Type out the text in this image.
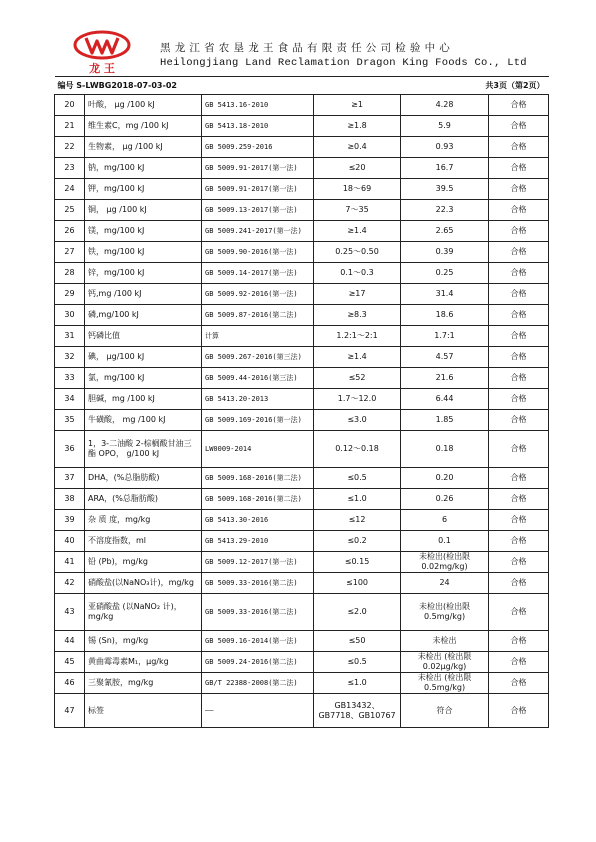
龙 王
黑龙江省农垦龙王食品有限责任公司检验中心
Heilongjiang Land Reclamation Dragon King Foods Co., Ltd
编号 S-LWBG2018-07-03-02			共3页（第2页）		
20	叶酸， μg /100 kJ	GB 5413.16-2010	≥1	4.28	合格
21	维生素C，mg /100 kJ	GB 5413.18-2010	≥1.8	5.9	合格
22	生物素， μg /100 kJ	GB 5009.259-2016	≥0.4	0.93	合格
23	钠，mg/100 kJ	GB 5009.91-2017(第一法)	≤20	16.7	合格
24	钾，mg/100 kJ	GB 5009.91-2017(第一法)	18～69	39.5	合格
25	铜， μg /100 kJ	GB 5009.13-2017(第一法)	7～35	22.3	合格
26	镁，mg/100 kJ	GB 5009.241-2017(第一法)	≥1.4	2.65	合格
27	铁，mg/100 kJ	GB 5009.90-2016(第一法)	0.25～0.50	0.39	合格
28	锌，mg/100 kJ	GB 5009.14-2017(第一法)	0.1～0.3	0.25	合格
29	钙,mg /100 kJ	GB 5009.92-2016(第一法)	≥17	31.4	合格
30	磷,mg/100 kJ	GB 5009.87-2016(第二法)	≥8.3	18.6	合格
31	钙磷比值	计算	1.2:1～2:1	1.7:1	合格
32	碘， μg/100 kJ	GB 5009.267-2016(第三法)	≥1.4	4.57	合格
33	氯，mg/100 kJ	GB 5009.44-2016(第三法)	≤52	21.6	合格
34	胆碱，mg /100 kJ	GB 5413.20-2013	1.7～12.0	6.44	合格
35	牛磺酸， mg /100 kJ	GB 5009.169-2016(第一法)	≤3.0	1.85	合格
36	1，3-二油酸 2-棕榈酸甘油三酯 OPO， g/100 kJ	LW0009-2014	0.12～0.18	0.18	合格
37	DHA，(%总脂肪酸)	GB 5009.168-2016(第二法)	≤0.5	0.20	合格
38	ARA，(%总脂肪酸)	GB 5009.168-2016(第二法)	≤1.0	0.26	合格
39	杂 质 度，mg/kg	GB 5413.30-2016	≤12	6	合格
40	不溶度指数，ml	GB 5413.29-2010	≤0.2	0.1	合格
41	铅 (Pb)，mg/kg	GB 5009.12-2017(第一法)	≤0.15	未检出(检出限 0.02mg/kg)	合格
42	硝酸盐(以NaNO₃计)，mg/kg	GB 5009.33-2016(第二法)	≤100	24	合格
43	亚硝酸盐 (以NaNO₂ 计)，mg/kg	GB 5009.33-2016(第二法)	≤2.0	未检出(检出限 0.5mg/kg)	合格
44	锡 (Sn)，mg/kg	GB 5009.16-2014(第一法)	≤50	未检出	合格
45	黄曲霉毒素M₁，μg/kg	GB 5009.24-2016(第二法)	≤0.5	未检出 (检出限 0.02μg/kg)	合格
46	三聚氰胺，mg/kg	GB/T 22388-2008(第二法)	≤1.0	未检出 (检出限 0.5mg/kg)	合格
47	标签	——	GB13432、GB7718、GB10767	符合	合格
